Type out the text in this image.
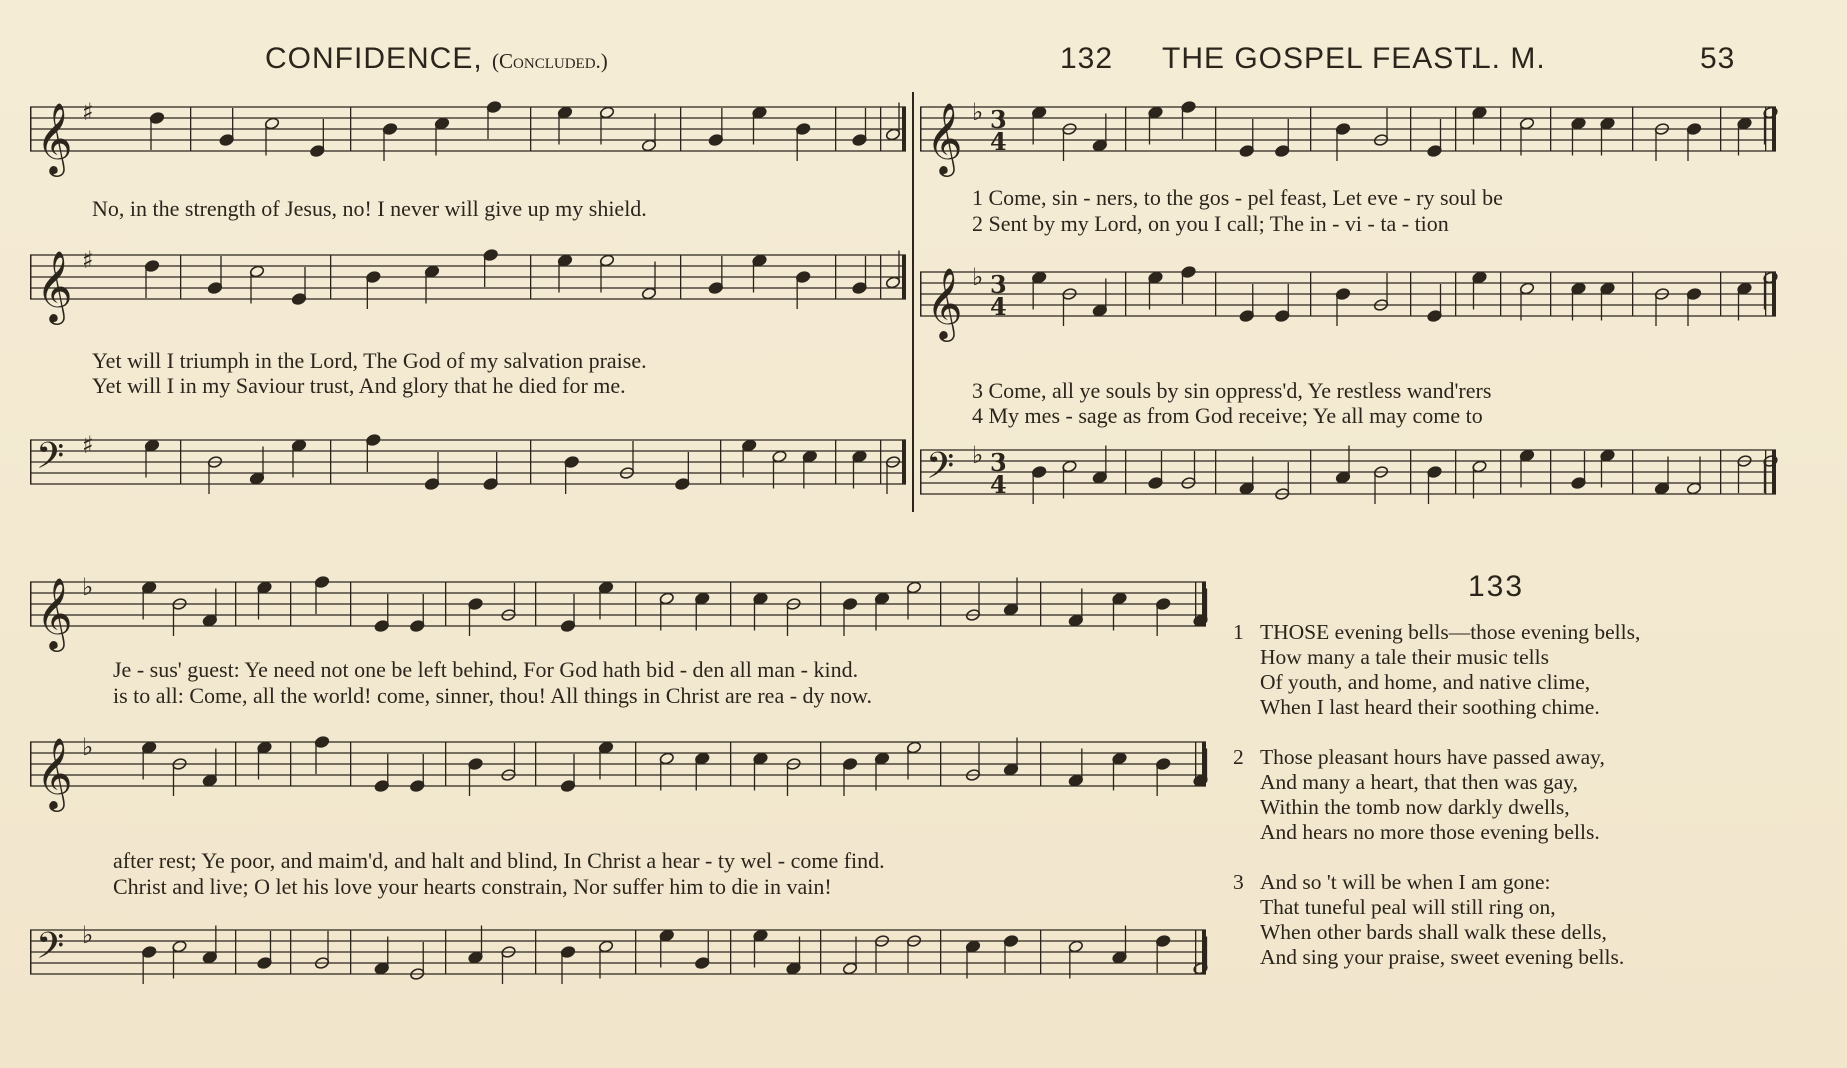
CONFIDENCE, (Concluded.)	132 THE GOSPEL FEAST.
L. M.	53
𝄞 ♯
No, in the strength of Jesus, no! I never will give up my shield.
𝄞 ♯
Yet will I triumph in the Lord, The God of my salvation praise.
Yet will I in my Saviour trust, And glory that he died for me.
𝄢 ♯
𝄞 ♭ 3
4
1 Come, sin - ners, to the gos - pel feast, Let eve - ry soul be
2 Sent by my Lord, on you I call; The in - vi - ta - tion
𝄞 ♭ 3
4
3 Come, all ye souls by sin oppress'd, Ye restless wand'rers
4 My mes - sage as from God receive; Ye all may come to
𝄢 ♭ 3
4
𝄞 ♭
Je - sus' guest: Ye need not one be left behind, For God hath bid - den all man - kind.
is to all: Come, all the world! come, sinner, thou! All things in Christ are rea - dy now.
𝄞 ♭
after rest; Ye poor, and maim'd, and halt and blind, In Christ a hear - ty wel - come find.
Christ and live; O let his love your hearts constrain, Nor suffer him to die in vain!
𝄢 ♭
133
1 THOSE evening bells—those evening bells,
How many a tale their music tells
Of youth, and home, and native clime,
When I last heard their soothing chime.
2 Those pleasant hours have passed away,
And many a heart, that then was gay,
Within the tomb now darkly dwells,
And hears no more those evening bells.
3 And so 't will be when I am gone:
That tuneful peal will still ring on,
When other bards shall walk these dells,
And sing your praise, sweet evening bells.
